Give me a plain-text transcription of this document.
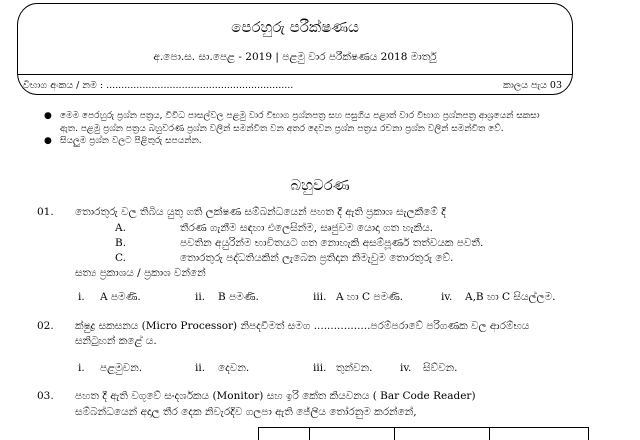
පෙරහුරු පරීක්ෂණය
අ.පො.ස. සා.පෙළ - 2019 | පළමු වාර පරීක්ෂණය 2018 මාර්තු
විභාග අංකය / නම : ..............................................................	කාලය පැය 03
● මෙම පෙරහුරු ප්‍රශ්න පත්‍රය, විවිධ පාසල්වල පළමු වාර විභාග ප්‍රශ්නපත්‍ර සහ පසුගිය පළාත් වාර විභාග ප්‍රශ්නපත්‍ර ආශ්‍රයෙන් සකසා
ඇත. පළමු ප්‍රශ්න පත්‍රය බහුවරණ ප්‍රශ්න වලින් සමන්විත වන අතර දෙවන ප්‍රශ්න පත්‍රය රචනා ප්‍රශ්න වලින් සමන්විත වේ.
● සියලුම ප්‍රශ්න වලට පිළිතුරු සපයන්න.
බහුවරණ
01. තොරතුරු වල තිබිය යුතු ගති ලක්ෂණ සම්බන්ධයෙන් පහත දී ඇති ප්‍රකාශ සැලකීමේ දී
A.	තීරණ ගැනීම සඳහා එලෙසින්ම, සෘජුවම යොදා ගත හැකිය.
B.	පවතින අයුරින්ම භාවිතයට ගත නොහැකි අසම්පූර්ණ තත්වයක පවතී.
C.	තොරතුරු පද්ධතියකින් ලැබෙන ප්‍රතිදාන නිමැවුම තොරතුරු වේ.
සත්‍ය ප්‍රකාශය / ප්‍රකාශ වන්නේ
i. A පමණි.	ii. B පමණි.	iii. A හා C පමණි.	iv. A,B හා C සියල්ලම.
02. ක්ෂුද්‍ර සකසනය (Micro Processor) නිපදවීමත් සමග .................පරම්පරාවේ පරිගණක වල ආරම්භය
සනිටුහන් කළේ ය.
i. පළමුවන.	ii. දෙවන.	iii. තුන්වන.	iv. සිව්වන.
03. පහත දී ඇති වගුවේ සංදර්ශකය (Monitor) සහ ඉරි කේත කියවනය ( Bar Code Reader)
සම්බන්ධයෙන් අදාල තීර දෙක නිවැරදිව ගලපා ඇති ජේලිය තෝරනුම කරන්නේ,
